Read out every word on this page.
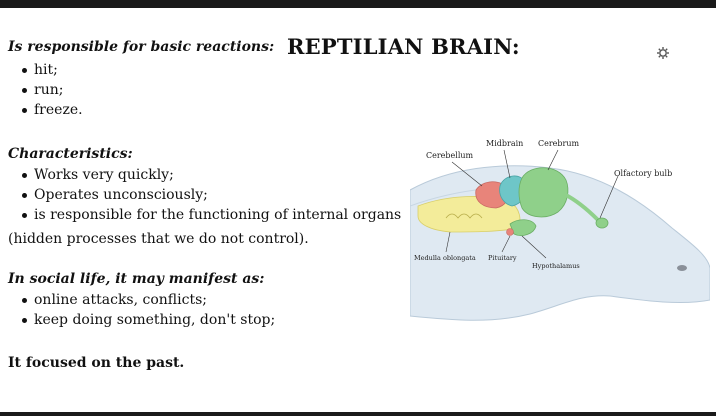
REPTILIAN BRAIN:
Is responsible for basic reactions:
hit;
run;
freeze.
Characteristics:
Works very quickly;
Operates unconsciously;
is responsible for the functioning of internal organs
(hidden processes that we do not control).
In social life, it may manifest as:
online attacks, conflicts;
keep doing something, don't stop;
It focused on the past.
Midbrain Cerebrum
Cerebellum
Olfactory bulb
Medulla oblongata Pituitary
Hypothalamus
